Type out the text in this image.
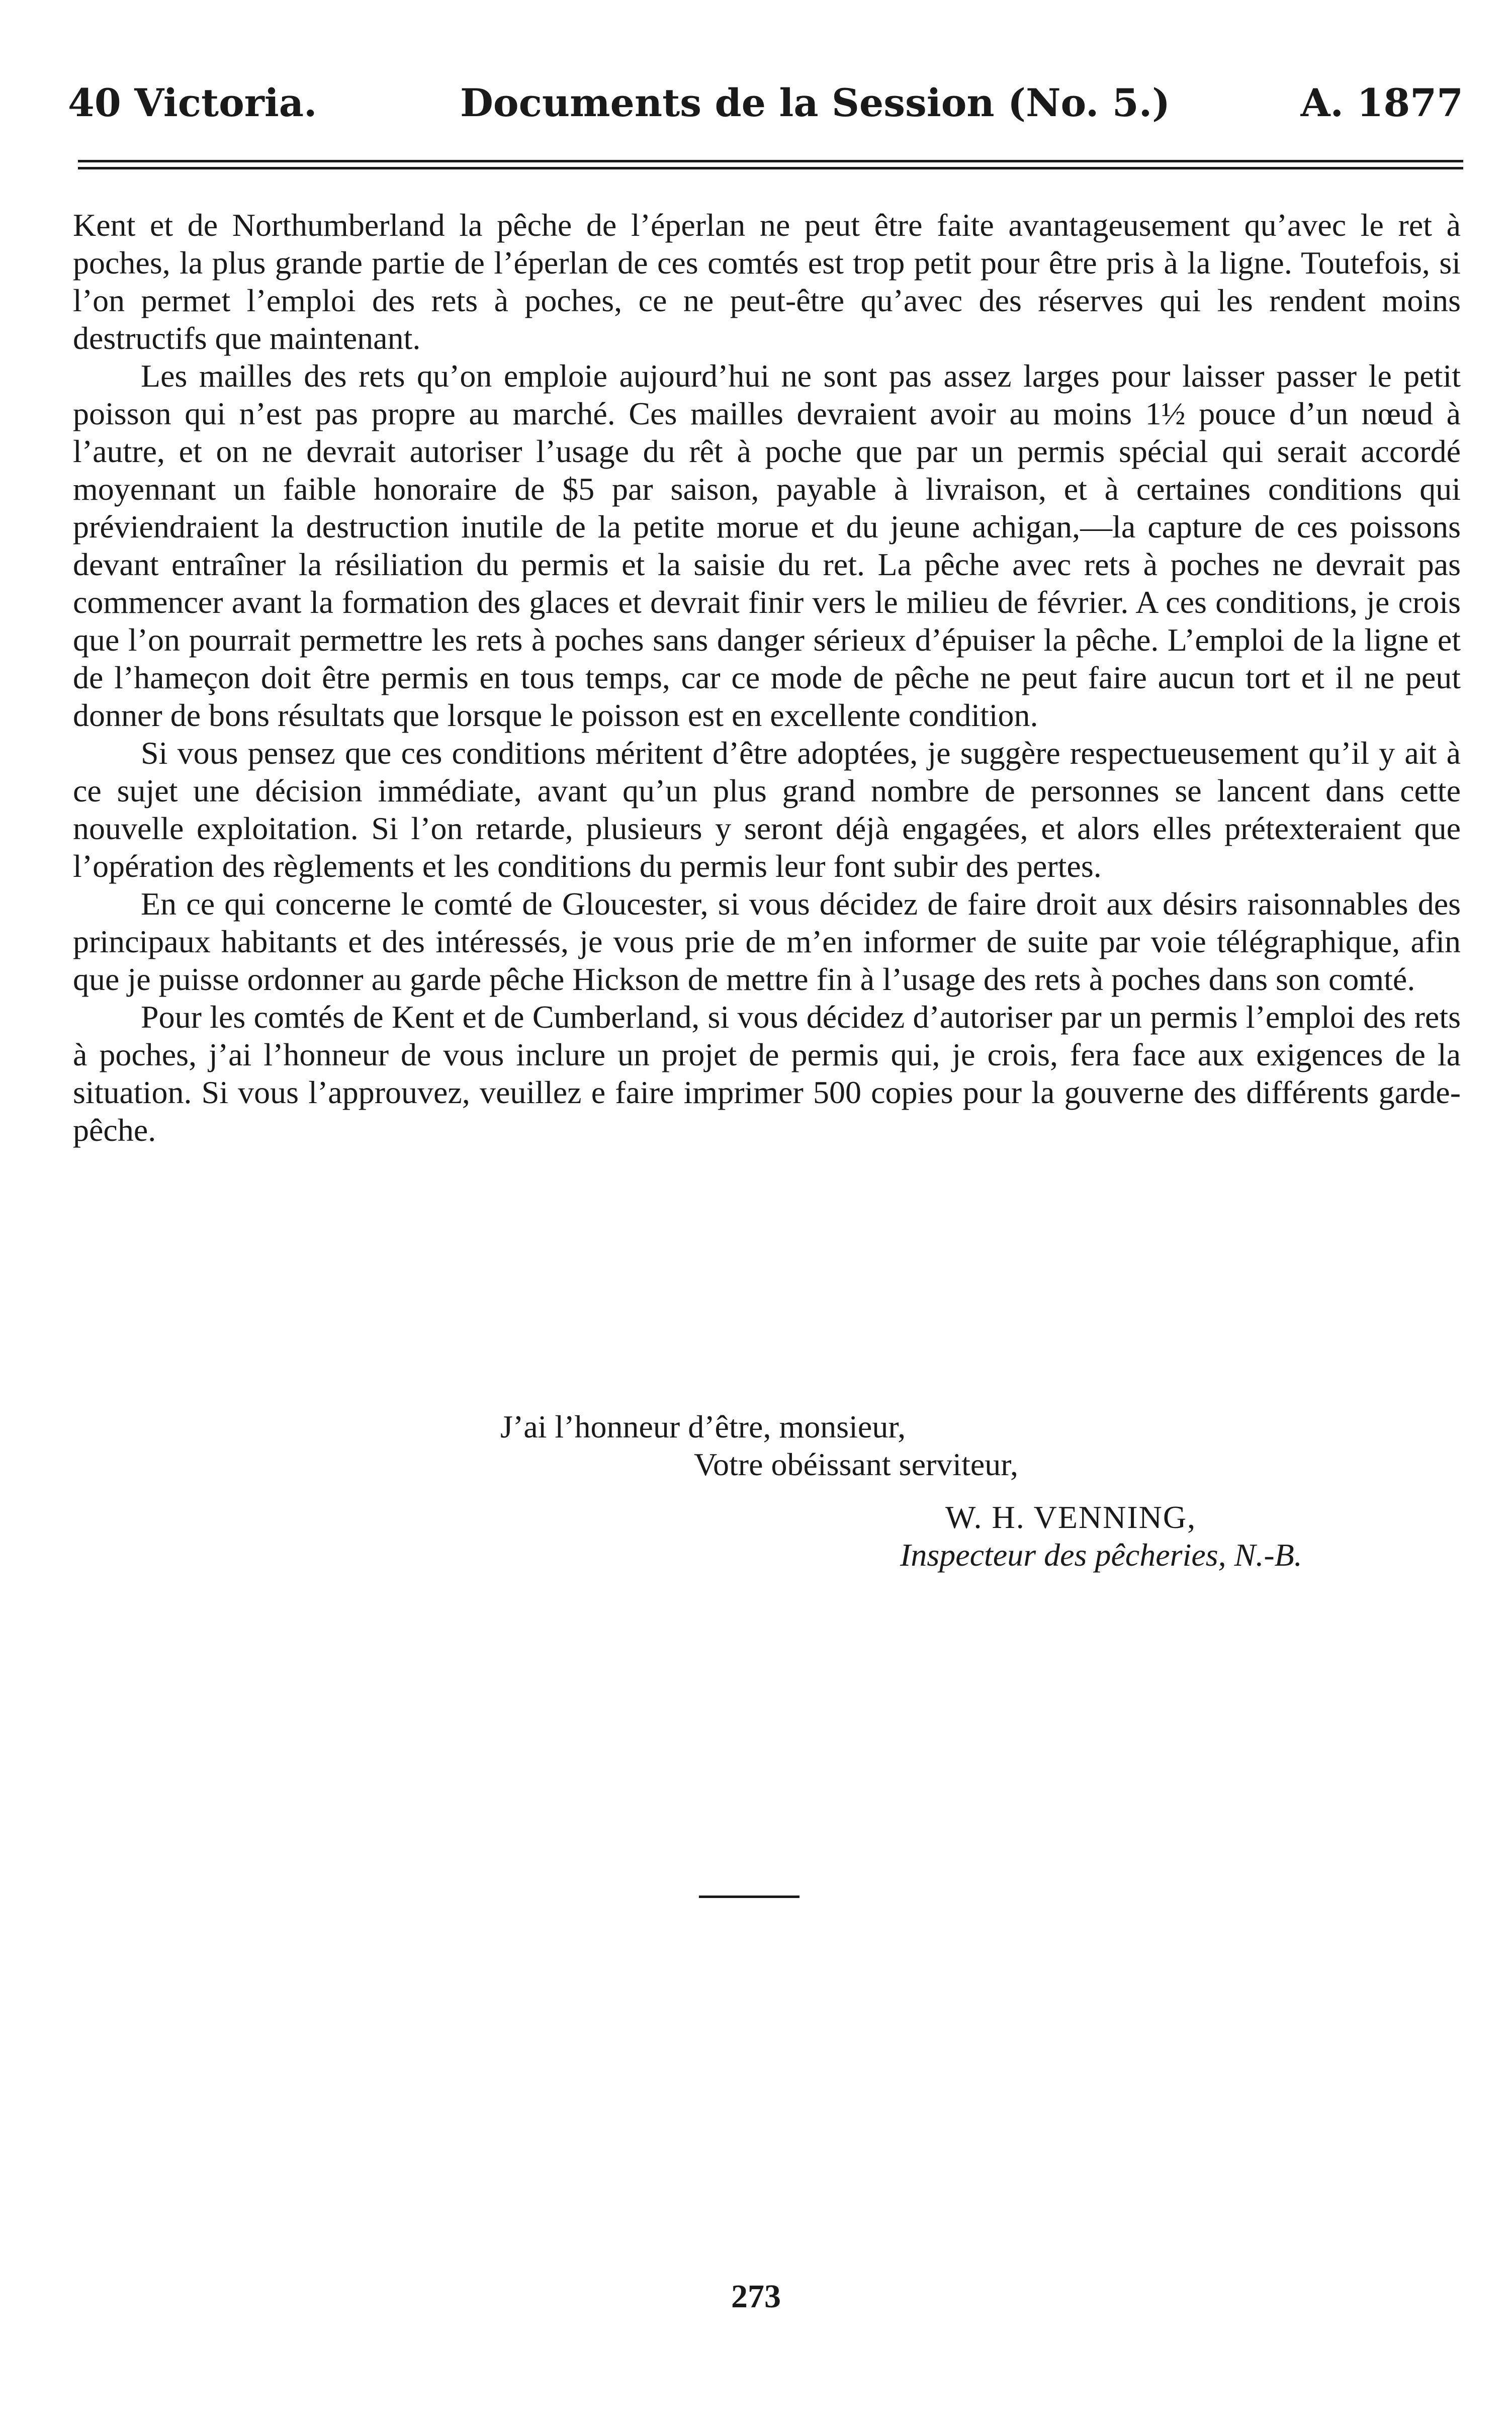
40 Victoria.	Documents de la Session (No. 5.)	A. 1877

Kent et de Northumberland la pêche de l’éperlan ne peut être faite avantageusement qu’avec le ret à poches, la plus grande partie de l’éperlan de ces comtés est trop petit pour être pris à la ligne. Toutefois, si l’on permet l’emploi des rets à poches, ce ne peut-être qu’avec des réserves qui les rendent moins destructifs que maintenant.

Les mailles des rets qu’on emploie aujourd’hui ne sont pas assez larges pour laisser passer le petit poisson qui n’est pas propre au marché. Ces mailles devraient avoir au moins 1½ pouce d’un nœud à l’autre, et on ne devrait autoriser l’usage du rêt à poche que par un permis spécial qui serait accordé moyennant un faible honoraire de $5 par saison, payable à livraison, et à certaines conditions qui préviendraient la destruction inutile de la petite morue et du jeune achigan,—la capture de ces poissons devant entraîner la résiliation du permis et la saisie du ret. La pêche avec rets à poches ne devrait pas commencer avant la formation des glaces et devrait finir vers le milieu de février. A ces conditions, je crois que l’on pourrait permettre les rets à poches sans danger sérieux d’épuiser la pêche. L’emploi de la ligne et de l’hameçon doit être permis en tous temps, car ce mode de pêche ne peut faire aucun tort et il ne peut donner de bons résultats que lorsque le poisson est en excellente condition.

Si vous pensez que ces conditions méritent d’être adoptées, je suggère respectueusement qu’il y ait à ce sujet une décision immédiate, avant qu’un plus grand nombre de personnes se lancent dans cette nouvelle exploitation. Si l’on retarde, plusieurs y seront déjà engagées, et alors elles prétexteraient que l’opération des règlements et les conditions du permis leur font subir des pertes.

En ce qui concerne le comté de Gloucester, si vous décidez de faire droit aux désirs raisonnables des principaux habitants et des intéressés, je vous prie de m’en informer de suite par voie télégraphique, afin que je puisse ordonner au garde pêche Hickson de mettre fin à l’usage des rets à poches dans son comté.

Pour les comtés de Kent et de Cumberland, si vous décidez d’autoriser par un permis l’emploi des rets à poches, j’ai l’honneur de vous inclure un projet de permis qui, je crois, fera face aux exigences de la situation. Si vous l’approuvez, veuillez e faire imprimer 500 copies pour la gouverne des différents garde-pêche.

J’ai l’honneur d’être, monsieur,
Votre obéissant serviteur,
W. H. VENNING,
Inspecteur des pêcheries, N.-B.
273
